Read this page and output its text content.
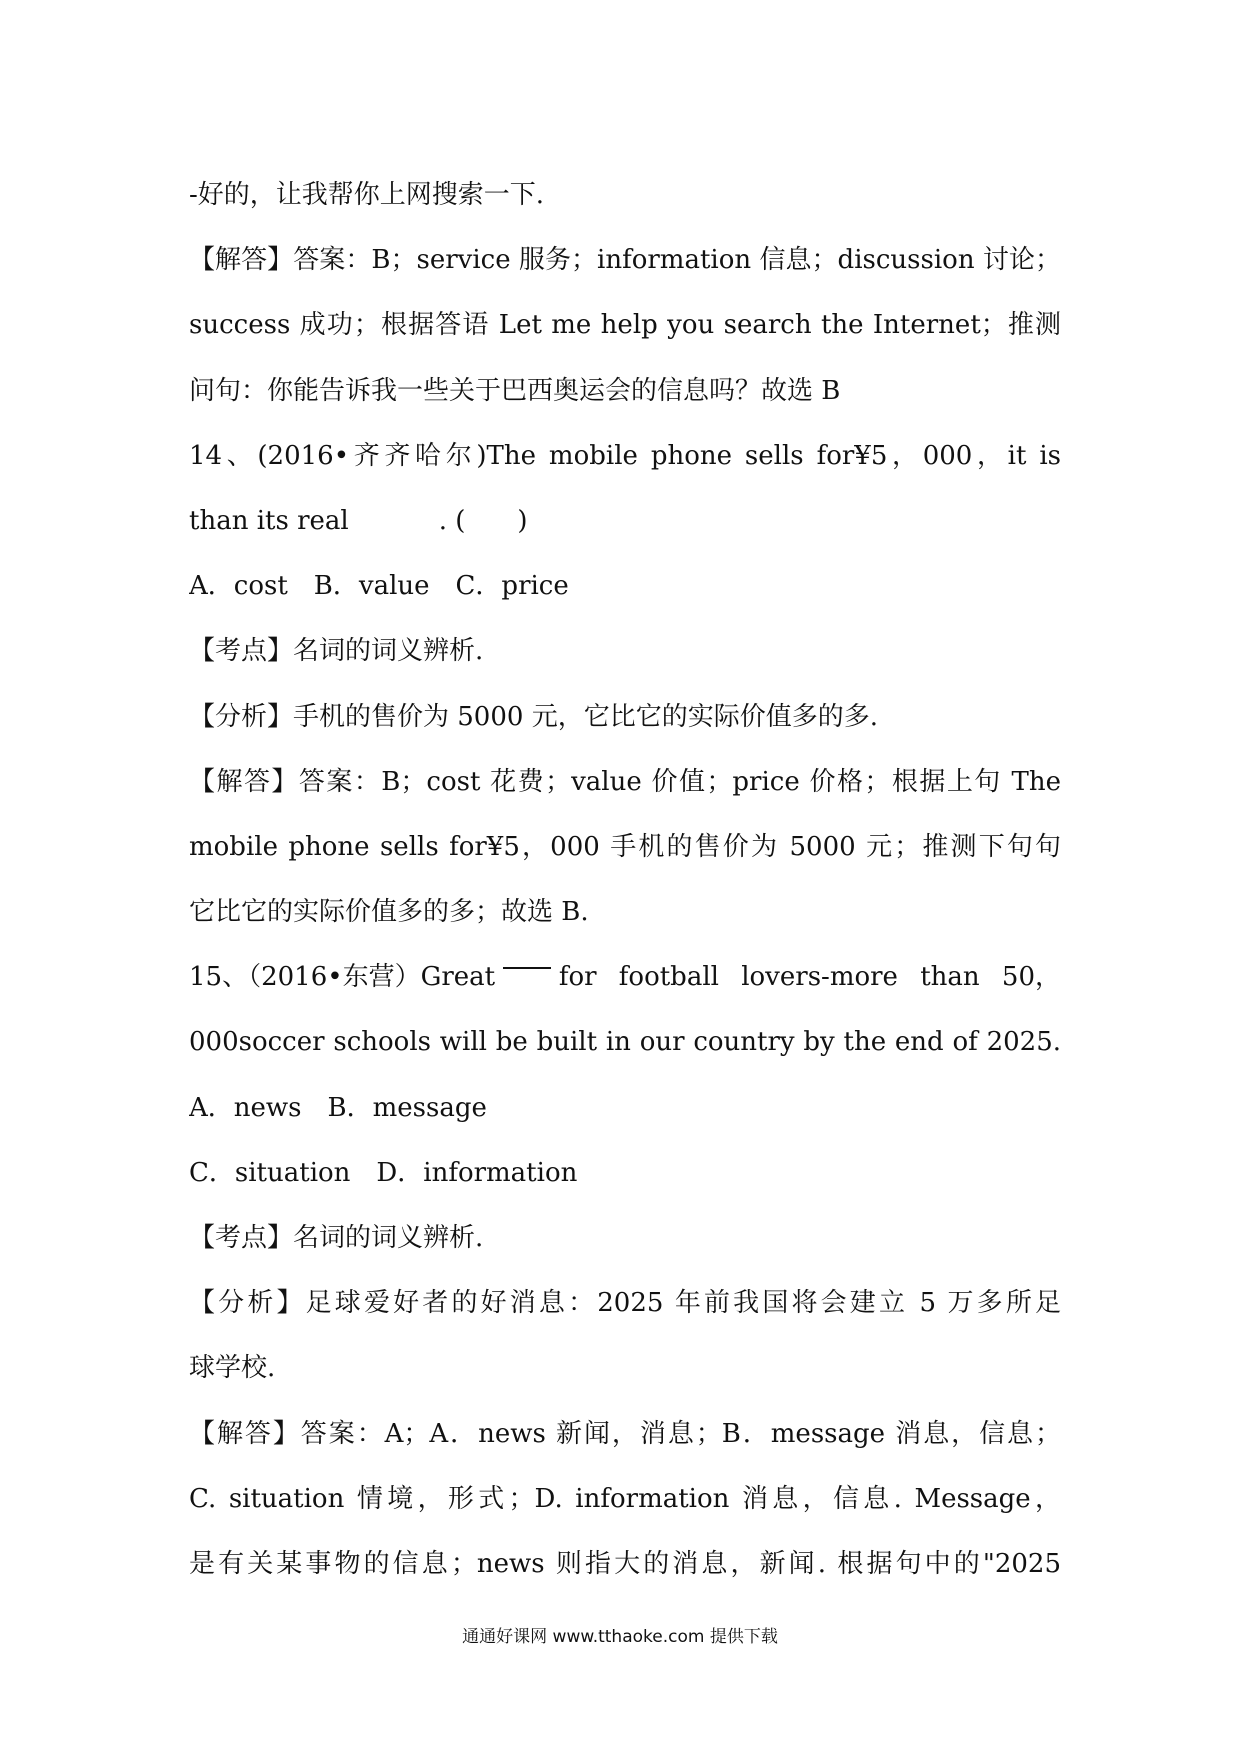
-好的，让我帮你上网搜索一下.
【解答】答案：B；service 服务；information 信息；discussion 讨论；
success 成功；根据答语 Let me help you search the Internet；推测
问句：你能告诉我一些关于巴西奥运会的信息吗？故选 B
14、(2016•齐齐哈尔)The mobile phone sells for¥5，000，it is
than its real	. (　　)
A．cost　B．value　C．price
【考点】名词的词义辨析.
【分析】手机的售价为 5000 元，它比它的实际价值多的多.
【解答】答案：B；cost 花费；value 价值；price 价格；根据上句 The
mobile phone sells for¥5，000 手机的售价为 5000 元；推测下句句
它比它的实际价值多的多；故选 B.
15、（2016•东营）Great for football lovers-more than 50，
000soccer schools will be built in our country by the end of 2025.　　
A．news　B．message
C．situation　D．information
【考点】名词的词义辨析.
【分析】足球爱好者的好消息：2025 年前我国将会建立 5 万多所足
球学校.
【解答】答案：A；A．news 新闻，消息；B．message 消息，信息；
C. situation 情境，形式；D. information 消息，信息. Message，
是有关某事物的信息；news 则指大的消息，新闻. 根据句中的"2025
通通好课网 www.tthaoke.com 提供下载
